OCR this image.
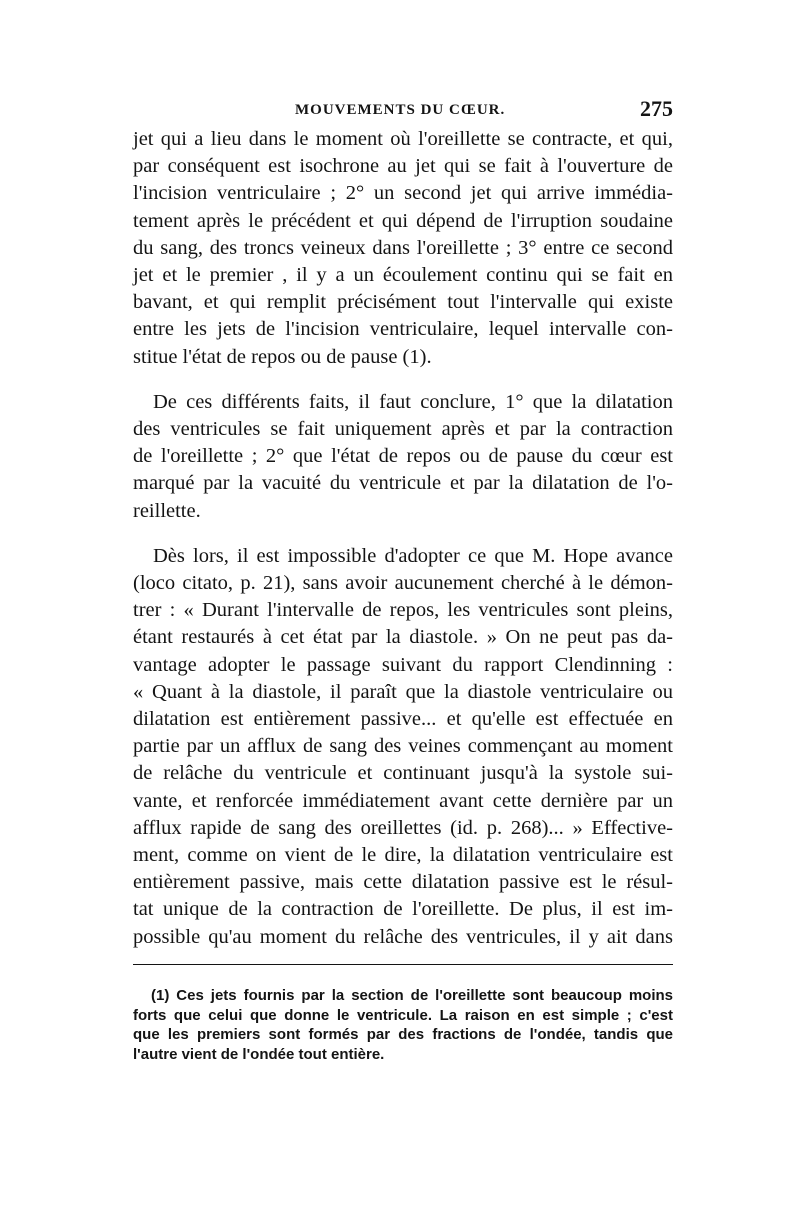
MOUVEMENTS DU CŒUR.	275

jet qui a lieu dans le moment où l'oreillette se contracte, et qui,
par conséquent est isochrone au jet qui se fait à l'ouverture de
l'incision ventriculaire ; 2° un second jet qui arrive immédia-
tement après le précédent et qui dépend de l'irruption soudaine
du sang, des troncs veineux dans l'oreillette ; 3° entre ce second
jet et le premier , il y a un écoulement continu qui se fait en
bavant, et qui remplit précisément tout l'intervalle qui existe
entre les jets de l'incision ventriculaire, lequel intervalle con-
stitue l'état de repos ou de pause (1).

De ces différents faits, il faut conclure, 1° que la dilatation
des ventricules se fait uniquement après et par la contraction
de l'oreillette ; 2° que l'état de repos ou de pause du cœur est
marqué par la vacuité du ventricule et par la dilatation de l'o-
reillette.

Dès lors, il est impossible d'adopter ce que M. Hope avance
(loco citato, p. 21), sans avoir aucunement cherché à le démon-
trer : « Durant l'intervalle de repos, les ventricules sont pleins,
étant restaurés à cet état par la diastole. » On ne peut pas da-
vantage adopter le passage suivant du rapport Clendinning :
« Quant à la diastole, il paraît que la diastole ventriculaire ou
dilatation est entièrement passive... et qu'elle est effectuée en
partie par un afflux de sang des veines commençant au moment
de relâche du ventricule et continuant jusqu'à la systole sui-
vante, et renforcée immédiatement avant cette dernière par un
afflux rapide de sang des oreillettes (id. p. 268)... » Effective-
ment, comme on vient de le dire, la dilatation ventriculaire est
entièrement passive, mais cette dilatation passive est le résul-
tat unique de la contraction de l'oreillette. De plus, il est im-
possible qu'au moment du relâche des ventricules, il y ait dans

(1) Ces jets fournis par la section de l'oreillette sont beaucoup moins
forts que celui que donne le ventricule. La raison en est simple ; c'est
que les premiers sont formés par des fractions de l'ondée, tandis que
l'autre vient de l'ondée tout entière.
